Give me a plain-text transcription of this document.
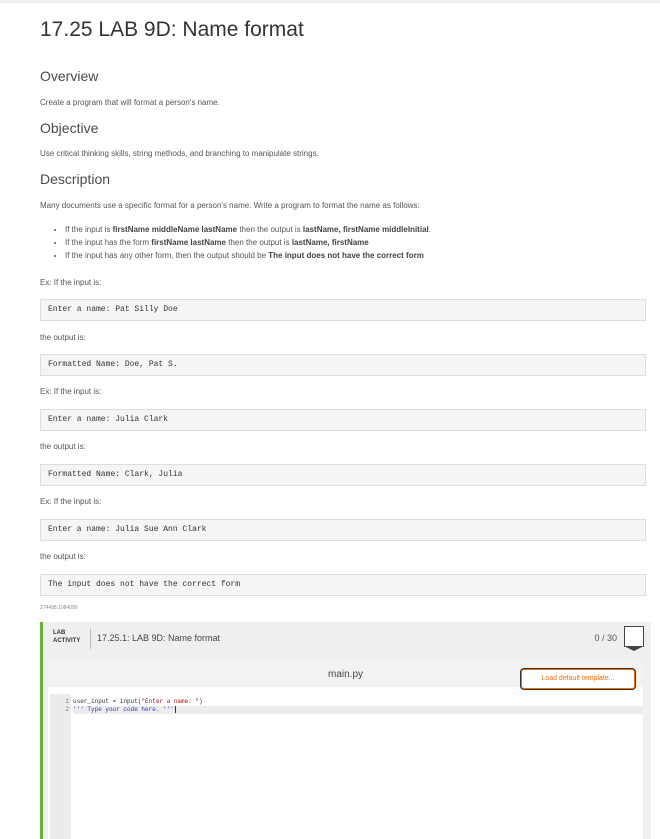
17.25 LAB 9D: Name format
Overview

Create a program that will format a person's name.

Objective

Use critical thinking skills, string methods, and branching to manipulate strings.

Description

Many documents use a specific format for a person's name. Write a program to format the name as follows:

• If the input is firstName middleName lastName then the output is lastName, firstName middleInitial.
• If the input has the form firstName lastName then the output is lastName, firstName
• If the input has any other form, then the output should be The input does not have the correct form

Ex: If the input is:

Enter a name: Pat Silly Doe

the output is:

Formatted Name: Doe, Pat S.

Ex: If the input is:

Enter a name: Julia Clark

the output is:

Formatted Name: Clark, Julia

Ex: If the input is:

Enter a name: Julia Sue Ann Clark

the output is:

The input does not have the correct form
274498.1084090
LAB
ACTIVITY 17.25.1: LAB 9D: Name format	0 / 30
main.py	Load default template...
1
2
user_input = input("Enter a name: ")
''' Type your code here. '''
